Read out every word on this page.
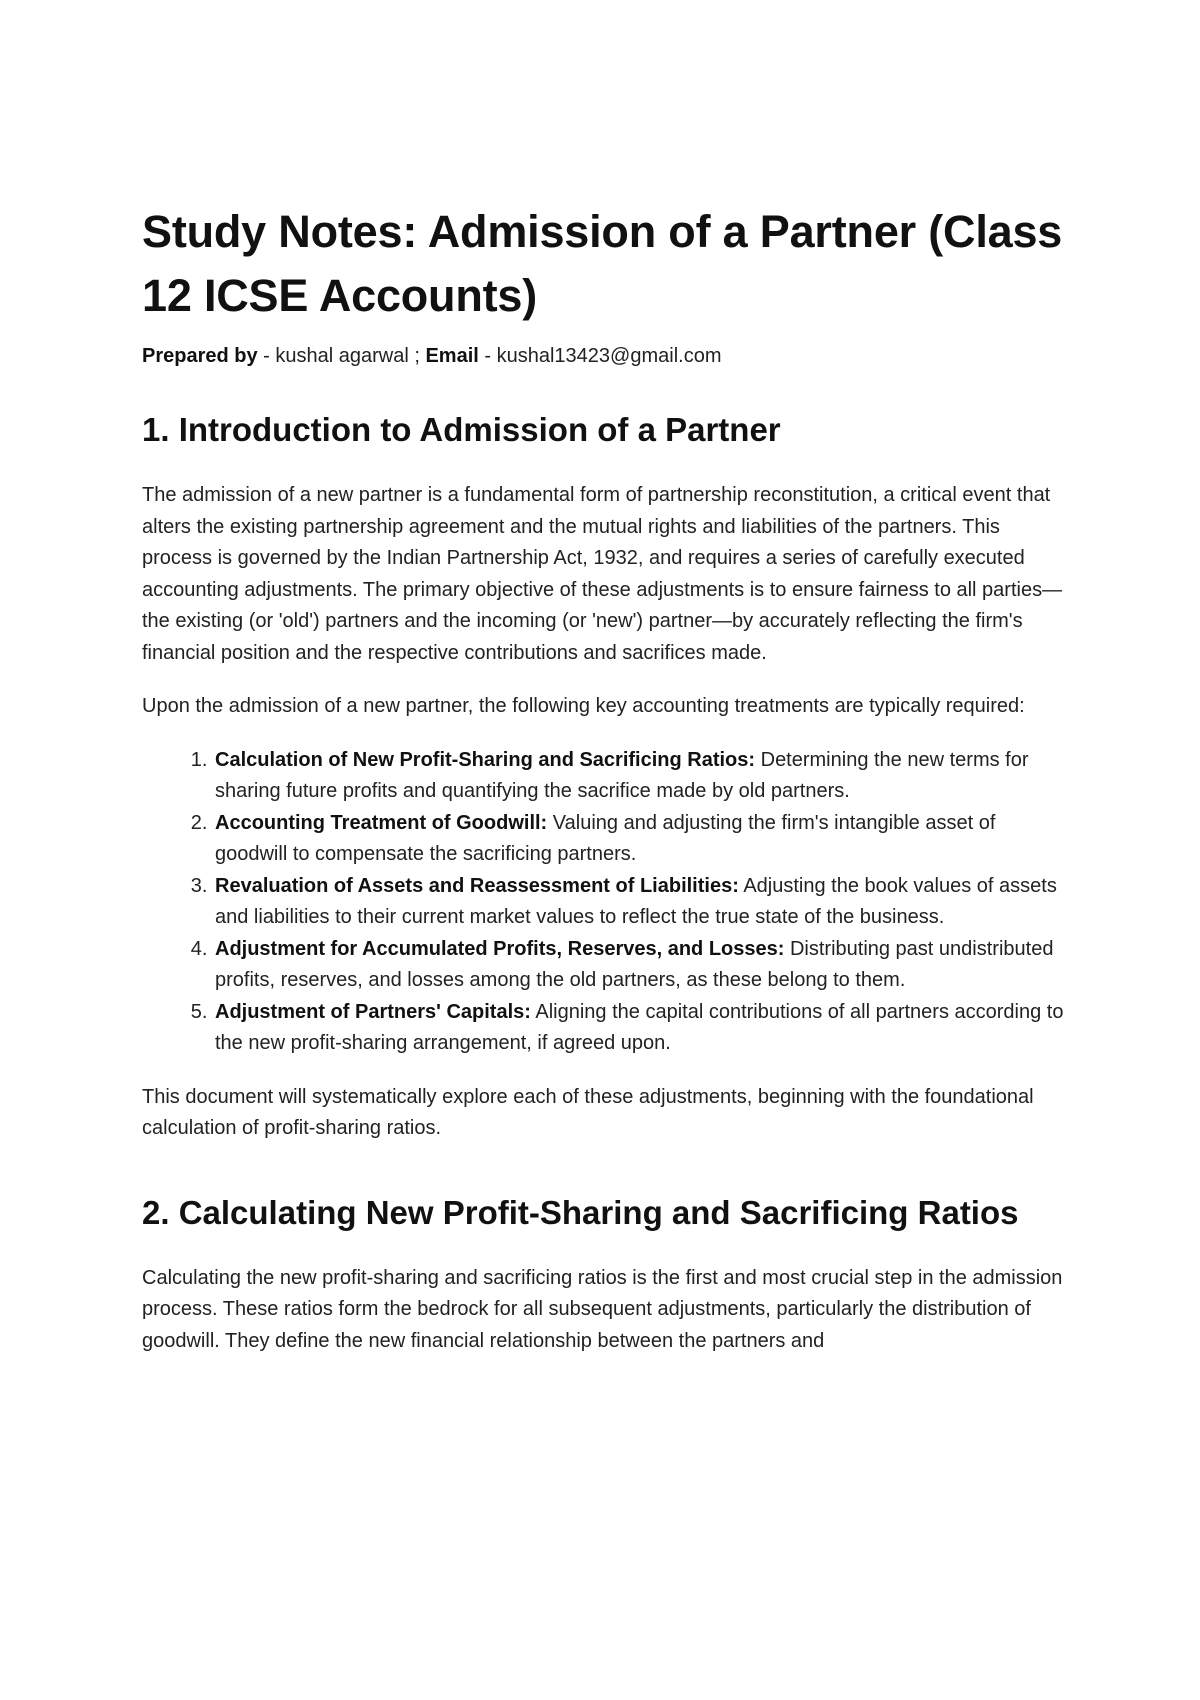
Study Notes: Admission of a Partner (Class 12 ICSE Accounts)
Prepared by - kushal agarwal ; Email - kushal13423@gmail.com
1. Introduction to Admission of a Partner

The admission of a new partner is a fundamental form of partnership reconstitution, a critical event that alters the existing partnership agreement and the mutual rights and liabilities of the partners. This process is governed by the Indian Partnership Act, 1932, and requires a series of carefully executed accounting adjustments. The primary objective of these adjustments is to ensure fairness to all parties—the existing (or 'old') partners and the incoming (or 'new') partner—by accurately reflecting the firm's financial position and the respective contributions and sacrifices made.

Upon the admission of a new partner, the following key accounting treatments are typically required:

1. Calculation of New Profit-Sharing and Sacrificing Ratios: Determining the new terms for sharing future profits and quantifying the sacrifice made by old partners.
2. Accounting Treatment of Goodwill: Valuing and adjusting the firm's intangible asset of goodwill to compensate the sacrificing partners.
3. Revaluation of Assets and Reassessment of Liabilities: Adjusting the book values of assets and liabilities to their current market values to reflect the true state of the business.
4. Adjustment for Accumulated Profits, Reserves, and Losses: Distributing past undistributed profits, reserves, and losses among the old partners, as these belong to them.
5. Adjustment of Partners' Capitals: Aligning the capital contributions of all partners according to the new profit-sharing arrangement, if agreed upon.

This document will systematically explore each of these adjustments, beginning with the foundational calculation of profit-sharing ratios.

2. Calculating New Profit-Sharing and Sacrificing Ratios

Calculating the new profit-sharing and sacrificing ratios is the first and most crucial step in the admission process. These ratios form the bedrock for all subsequent adjustments, particularly the distribution of goodwill. They define the new financial relationship between the partners and
